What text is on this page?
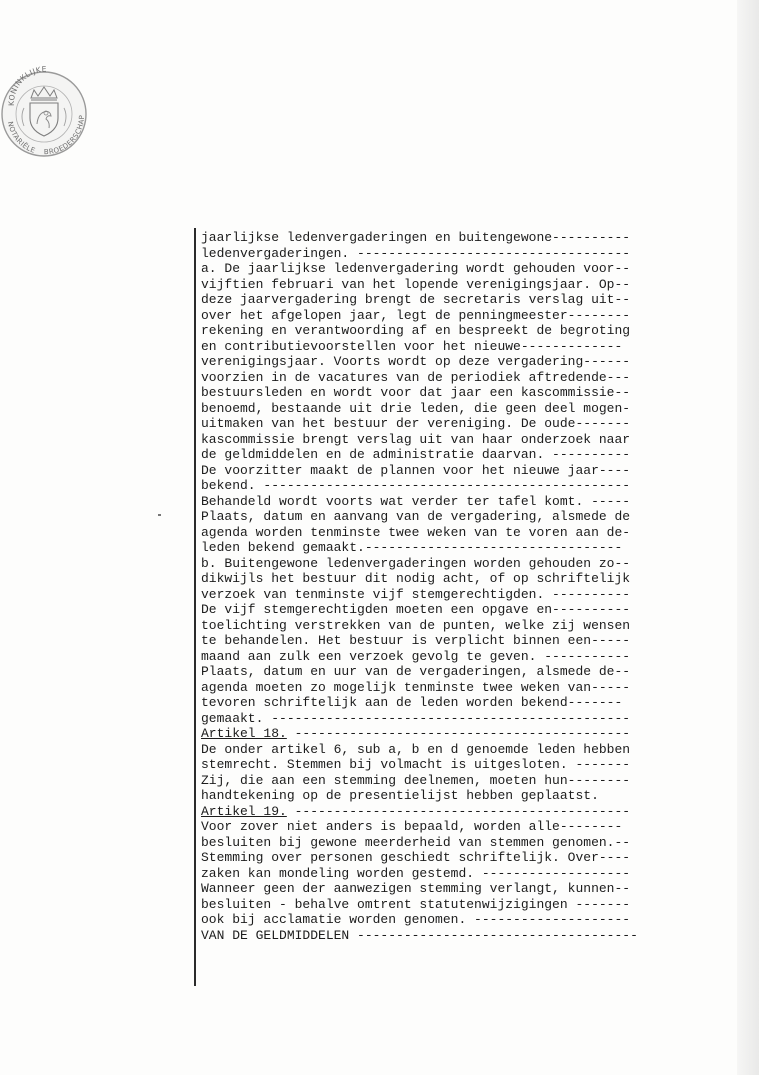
KONINKLIJKE
NOTARIËLE BROEDERSCHAP
jaarlijkse ledenvergaderingen en buitengewone----------
ledenvergaderingen. -----------------------------------
a. De jaarlijkse ledenvergadering wordt gehouden voor--
vijftien februari van het lopende verenigingsjaar. Op--
deze jaarvergadering brengt de secretaris verslag uit--
over het afgelopen jaar, legt de penningmeester--------
rekening en verantwoording af en bespreekt de begroting
en contributievoorstellen voor het nieuwe-------------
verenigingsjaar. Voorts wordt op deze vergadering------
voorzien in de vacatures van de periodiek aftredende---
bestuursleden en wordt voor dat jaar een kascommissie--
benoemd, bestaande uit drie leden, die geen deel mogen-
uitmaken van het bestuur der vereniging. De oude-------
kascommissie brengt verslag uit van haar onderzoek naar
de geldmiddelen en de administratie daarvan. ----------
De voorzitter maakt de plannen voor het nieuwe jaar----
bekend. -----------------------------------------------
Behandeld wordt voorts wat verder ter tafel komt. -----
Plaats, datum en aanvang van de vergadering, alsmede de
agenda worden tenminste twee weken van te voren aan de-
leden bekend gemaakt.---------------------------------
b. Buitengewone ledenvergaderingen worden gehouden zo--
dikwijls het bestuur dit nodig acht, of op schriftelijk
verzoek van tenminste vijf stemgerechtigden. ----------
De vijf stemgerechtigden moeten een opgave en----------
toelichting verstrekken van de punten, welke zij wensen
te behandelen. Het bestuur is verplicht binnen een-----
maand aan zulk een verzoek gevolg te geven. -----------
Plaats, datum en uur van de vergaderingen, alsmede de--
agenda moeten zo mogelijk tenminste twee weken van-----
tevoren schriftelijk aan de leden worden bekend-------
gemaakt. ----------------------------------------------
Artikel 18. -------------------------------------------
De onder artikel 6, sub a, b en d genoemde leden hebben
stemrecht. Stemmen bij volmacht is uitgesloten. -------
Zij, die aan een stemming deelnemen, moeten hun--------
handtekening op de presentielijst hebben geplaatst.
Artikel 19. -------------------------------------------
Voor zover niet anders is bepaald, worden alle--------
besluiten bij gewone meerderheid van stemmen genomen.--
Stemming over personen geschiedt schriftelijk. Over----
zaken kan mondeling worden gestemd. -------------------
Wanneer geen der aanwezigen stemming verlangt, kunnen--
besluiten - behalve omtrent statutenwijzigingen -------
ook bij acclamatie worden genomen. --------------------
VAN DE GELDMIDDELEN ------------------------------------
